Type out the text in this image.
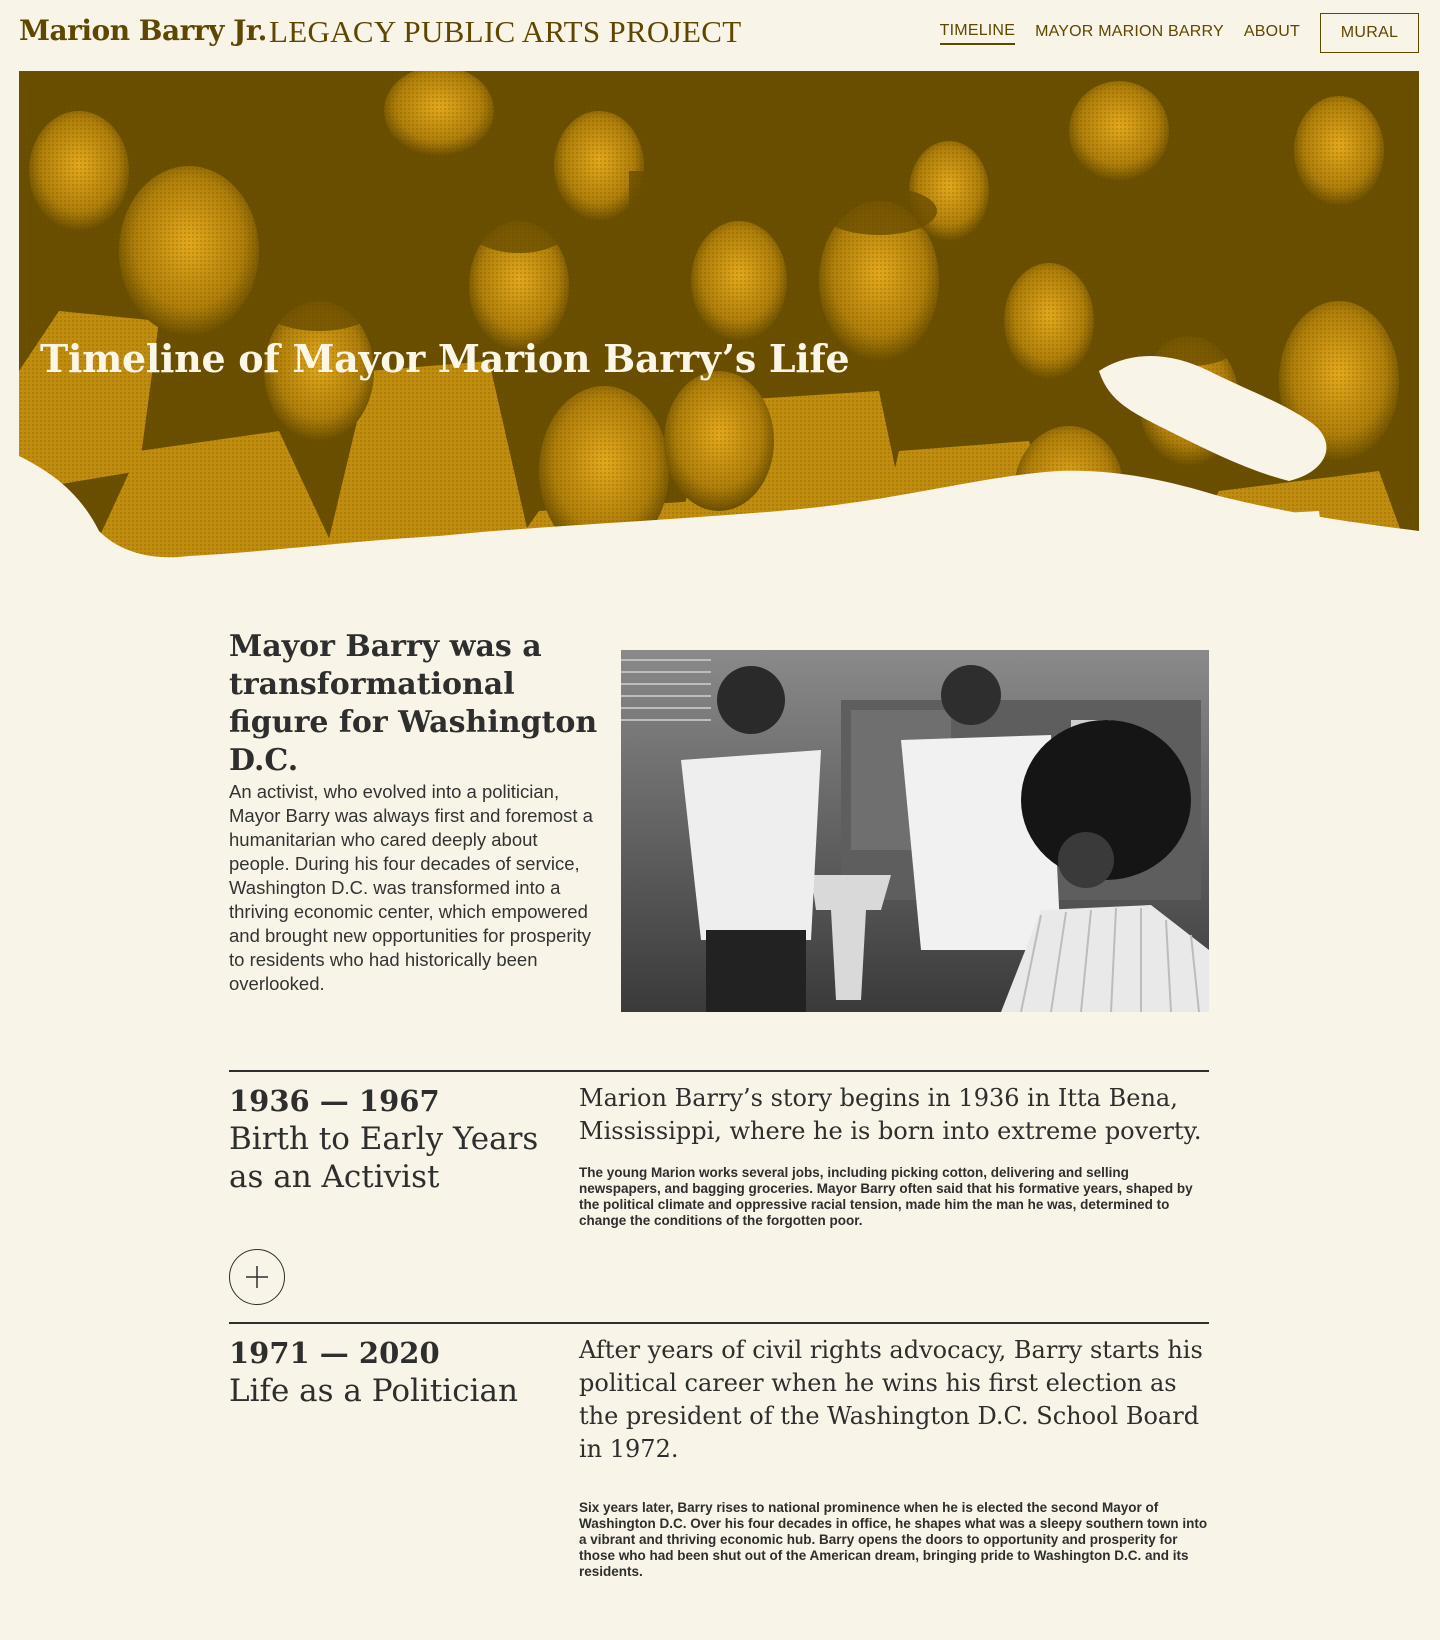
Marion Barry Jr. LEGACY PUBLIC ARTS PROJECT	TIMELINE MAYOR MARION BARRY ABOUT	MURAL
Timeline of Mayor Marion Barry’s Life
Mayor Barry was a transformational figure for Washington D.C.

An activist, who evolved into a politician, Mayor Barry was always first and foremost a humanitarian who cared deeply about people. During his four decades of service, Washington D.C. was transformed into a thriving economic center, which empowered and brought new opportunities for prosperity to residents who had historically been overlooked.

1936 — 1967
Birth to Early Years as an Activist
Marion Barry’s story begins in 1936 in Itta Bena, Mississippi, where he is born into extreme poverty.
The young Marion works several jobs, including picking cotton, delivering and selling newspapers, and bagging groceries. Mayor Barry often said that his formative years, shaped by the political climate and oppressive racial tension, made him the man he was, determined to change the conditions of the forgotten poor.
1971 — 2020
Life as a Politician
After years of civil rights advocacy, Barry starts his political career when he wins his first election as the president of the Washington D.C. School Board in 1972.
Six years later, Barry rises to national prominence when he is elected the second Mayor of Washington D.C. Over his four decades in office, he shapes what was a sleepy southern town into a vibrant and thriving economic hub. Barry opens the doors to opportunity and prosperity for those who had been shut out of the American dream, bringing pride to Washington D.C. and its residents.
